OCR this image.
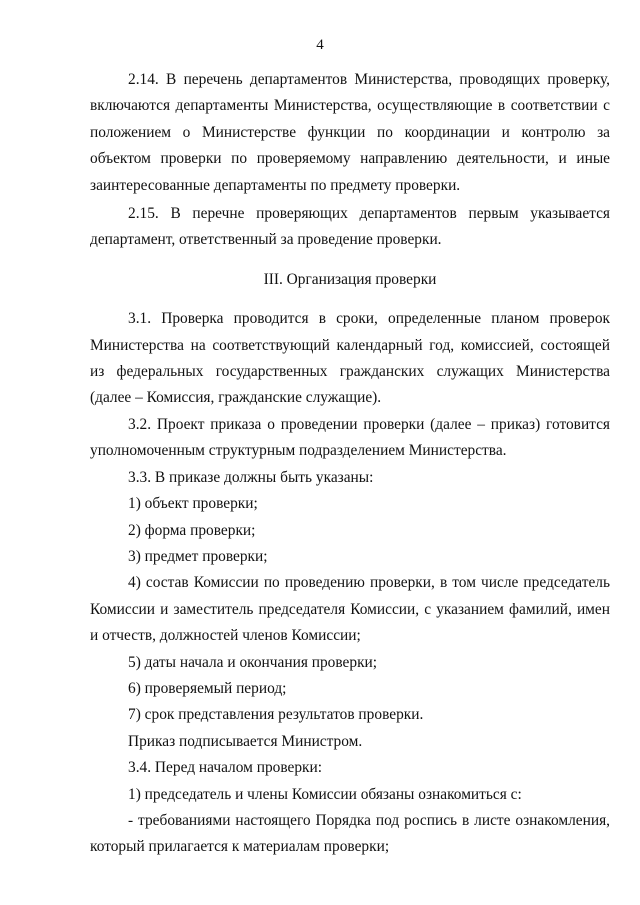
4

2.14. В перечень департаментов Министерства, проводящих проверку, включаются департаменты Министерства, осуществляющие в соответствии с положением о Министерстве функции по координации и контролю за объектом проверки по проверяемому направлению деятельности, и иные заинтересованные департаменты по предмету проверки.

2.15. В перечне проверяющих департаментов первым указывается департамент, ответственный за проведение проверки.

III. Организация проверки

3.1. Проверка проводится в сроки, определенные планом проверок Министерства на соответствующий календарный год, комиссией, состоящей из федеральных государственных гражданских служащих Министерства (далее – Комиссия, гражданские служащие).

3.2. Проект приказа о проведении проверки (далее – приказ) готовится уполномоченным структурным подразделением Министерства.

3.3. В приказе должны быть указаны:

1) объект проверки;

2) форма проверки;

3) предмет проверки;

4) состав Комиссии по проведению проверки, в том числе председатель Комиссии и заместитель председателя Комиссии, с указанием фамилий, имен и отчеств, должностей членов Комиссии;

5) даты начала и окончания проверки;

6) проверяемый период;

7) срок представления результатов проверки.

Приказ подписывается Министром.

3.4. Перед началом проверки:

1) председатель и члены Комиссии обязаны ознакомиться с:

- требованиями настоящего Порядка под роспись в листе ознакомления, который прилагается к материалам проверки;
